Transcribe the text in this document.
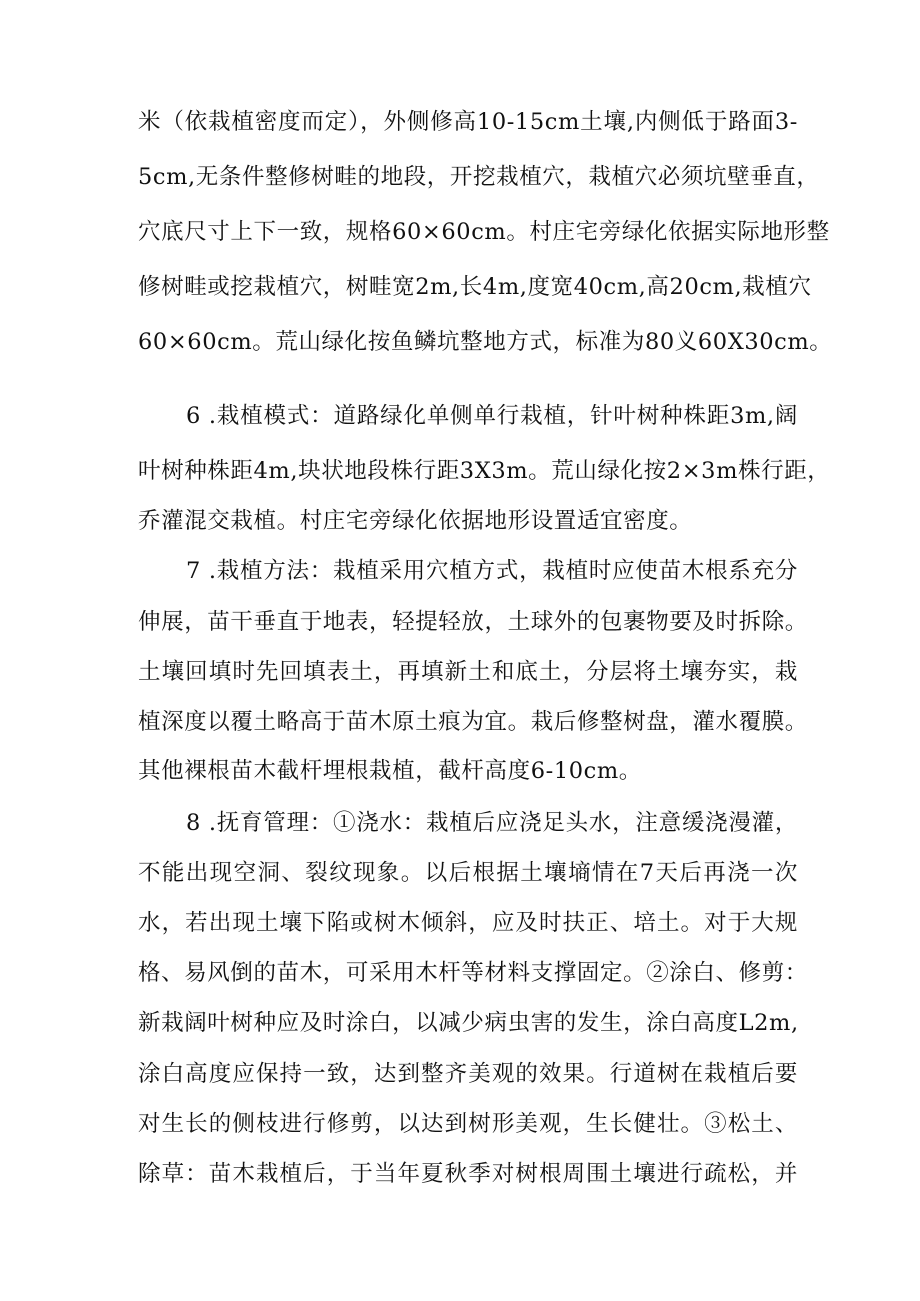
米（依栽植密度而定），外侧修高10-15cm土壤,内侧低于路面3-
5cm,无条件整修树畦的地段，开挖栽植穴，栽植穴必须坑壁垂直，
穴底尺寸上下一致，规格60×60cm。村庄宅旁绿化依据实际地形整
修树畦或挖栽植穴，树畦宽2m,长4m,度宽40cm,高20cm,栽植穴
60×60cm。荒山绿化按鱼鳞坑整地方式，标准为80义60X30cm。
6 .栽植模式：道路绿化单侧单行栽植，针叶树种株距3m,阔
叶树种株距4m,块状地段株行距3X3m。荒山绿化按2×3m株行距，
乔灌混交栽植。村庄宅旁绿化依据地形设置适宜密度。
7 .栽植方法：栽植采用穴植方式，栽植时应使苗木根系充分
伸展，苗干垂直于地表，轻提轻放，土球外的包裹物要及时拆除。
土壤回填时先回填表土，再填新土和底土，分层将土壤夯实，栽
植深度以覆土略高于苗木原土痕为宜。栽后修整树盘，灌水覆膜。
其他裸根苗木截杆埋根栽植，截杆高度6-10cm。
8 .抚育管理：①浇水：栽植后应浇足头水，注意缓浇漫灌，
不能出现空洞、裂纹现象。以后根据土壤墒情在7天后再浇一次
水，若出现土壤下陷或树木倾斜，应及时扶正、培土。对于大规
格、易风倒的苗木，可采用木杆等材料支撑固定。②涂白、修剪：
新栽阔叶树种应及时涂白，以减少病虫害的发生，涂白高度L2m,
涂白高度应保持一致，达到整齐美观的效果。行道树在栽植后要
对生长的侧枝进行修剪，以达到树形美观，生长健壮。③松土、
除草：苗木栽植后，于当年夏秋季对树根周围土壤进行疏松，并
